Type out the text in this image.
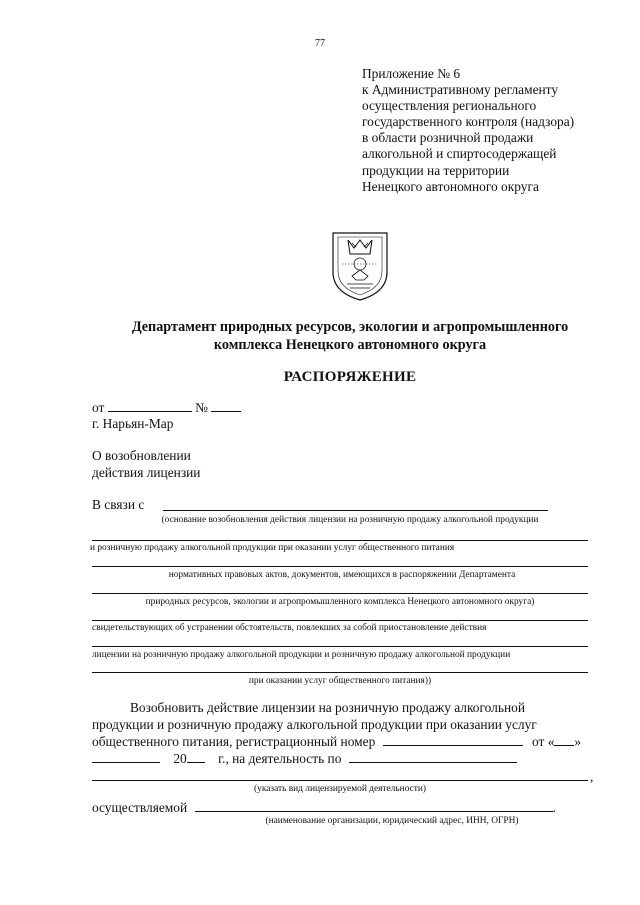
77
Приложение № 6
к Административному регламенту
осуществления регионального
государственного контроля (надзора)
в области розничной продажи
алкогольной и спиртосодержащей
продукции на территории
Ненецкого автономного округа
Департамент природных ресурсов, экологии и агропромышленного
комплекса Ненецкого автономного округа
РАСПОРЯЖЕНИЕ
от	№
г. Нарьян-Мар
О возобновлении
действия лицензии
В связи с
(основание возобновления действия лицензии на розничную продажу алкогольной продукции
и розничную продажу алкогольной продукции при оказании услуг общественного питания
нормативных правовых актов, документов, имеющихся в распоряжении Департамента
природных ресурсов, экологии и агропромышленного комплекса Ненецкого автономного округа)
свидетельствующих об устранении обстоятельств, повлекших за собой приостановление действия
лицензии на розничную продажу алкогольной продукции и розничную продажу алкогольной продукции
при оказании услуг общественного питания))
Возобновить действие лицензии на розничную продажу алкогольной
продукции и розничную продажу алкогольной продукции при оказании услуг
общественного питания, регистрационный номер	от « »
20 г., на деятельность по
,
(указать вид лицензируемой деятельности)
осуществляемой	.
(наименование организации, юридический адрес, ИНН, ОГРН)
